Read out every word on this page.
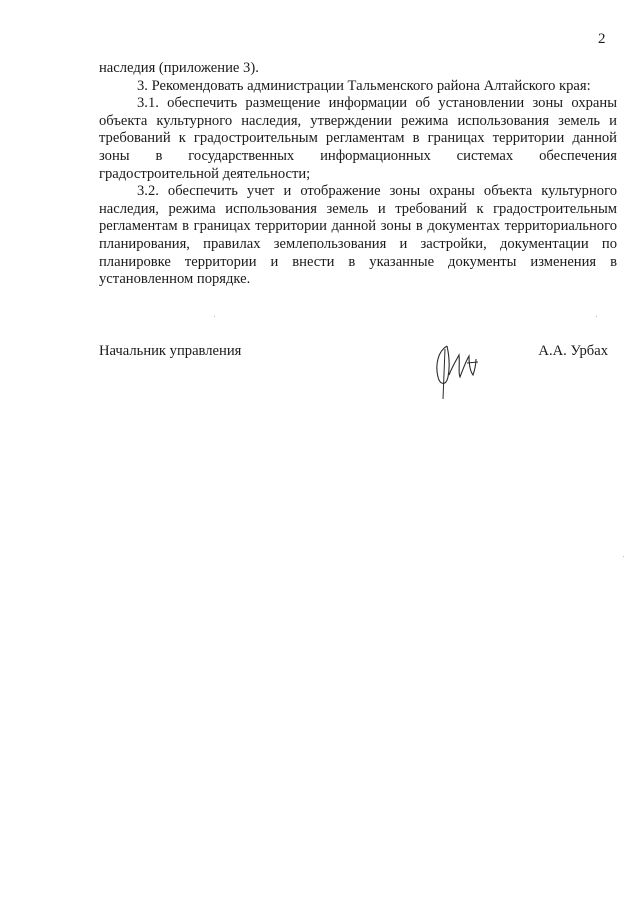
2

наследия (приложение 3).

3. Рекомендовать администрации Тальменского района Алтайского края:

3.1. обеспечить размещение информации об установлении зоны охраны объекта культурного наследия, утверждении режима использования земель и требований к градостроительным регламентам в границах территории данной зоны в государственных информационных системах обеспечения градостроительной деятельности;

3.2. обеспечить учет и отображение зоны охраны объекта культурного наследия, режима использования земель и требований к градостроительным регламентам в границах территории данной зоны в документах территориального планирования, правилах землепользования и застройки, документации по планировке территории и внести в указанные документы изменения в установленном порядке.

Начальник управления	А.А. Урбах
